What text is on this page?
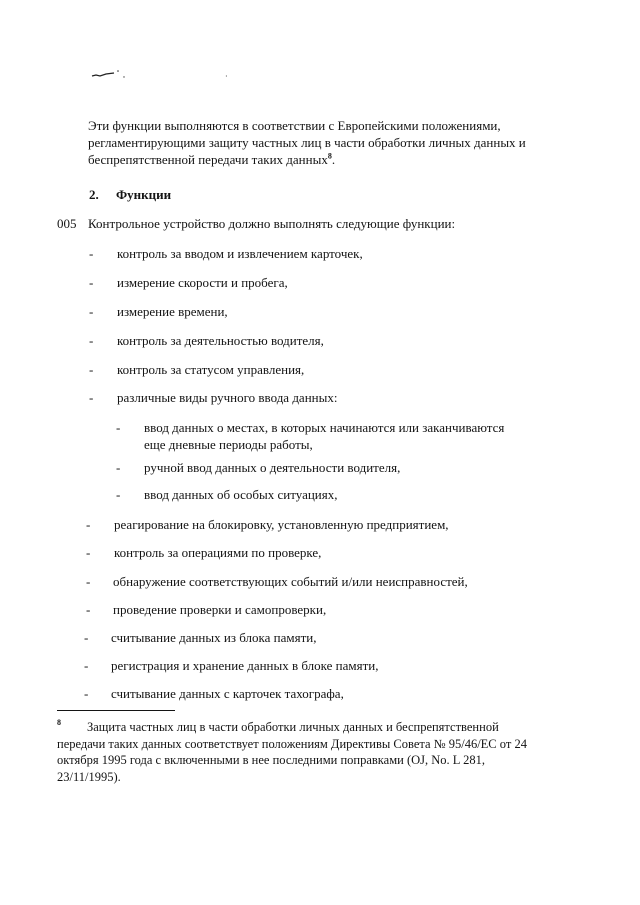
·
Эти функции выполняются в соответствии с Европейскими положениями, регламентирующими защиту частных лиц в части обработки личных данных и беспрепятственной передачи таких данных$^8$.
2. Функции
005 Контрольное устройство должно выполнять следующие функции:
- контроль за вводом и извлечением карточек,
- измерение скорости и пробега,
- измерение времени,
- контроль за деятельностью водителя,
- контроль за статусом управления,
- различные виды ручного ввода данных:
- ввод данных о местах, в которых начинаются или заканчиваются еще дневные периоды работы,
- ручной ввод данных о деятельности водителя,
- ввод данных об особых ситуациях,
- реагирование на блокировку, установленную предприятием,
- контроль за операциями по проверке,
- обнаружение соответствующих событий и/или неисправностей,
- проведение проверки и самопроверки,
- считывание данных из блока памяти,
- регистрация и хранение данных в блоке памяти,
- считывание данных с карточек тахографа,
8	Защита частных лиц в части обработки личных данных и беспрепятственной передачи таких данных соответствует положениям Директивы Совета № 95/46/EC от 24 октября 1995 года с включенными в нее последними поправками (OJ, No. L 281, 23/11/1995).
